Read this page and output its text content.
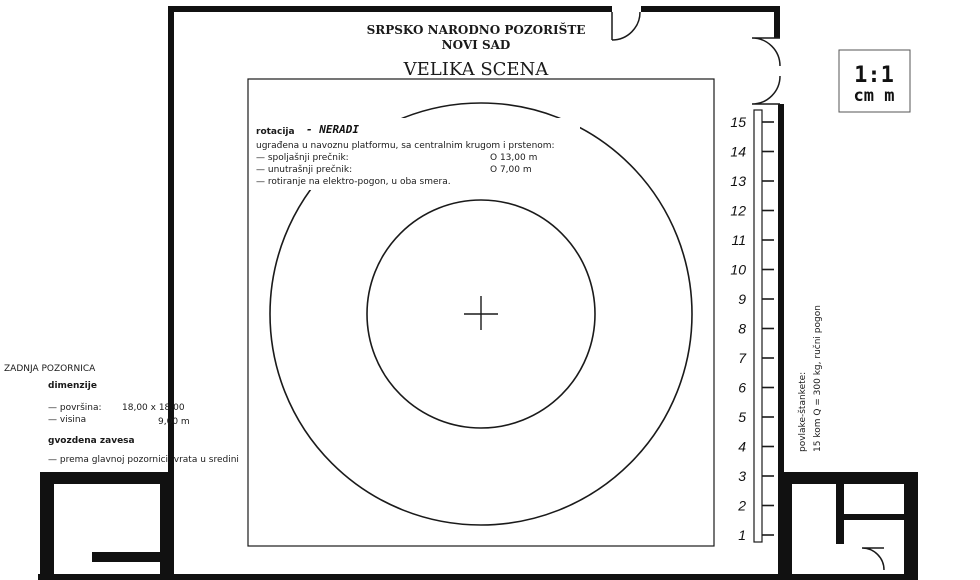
SRPSKO NARODNO POZORIŠTE
NOVI SAD
VELIKA SCENA	1:1
cm m
rotacija - NERADI
ugrađena u navoznu platformu, sa centralnim krugom i prstenom:
— spoljašnji prečnik:	O 13,00 m
— unutrašnji prečnik:	O 7,00 m
— rotiranje na elektro-pogon, u oba smera.
ZADNJA POZORNICA
dimenzije
— površina: 18,00 x 18,00
— visina	9,00 m
gvozdena zavesa
— prema glavnoj pozornici, vrata u sredini
povlake-štankete: 15 kom Q = 300 kg, ručni pogon
15
14
13
12
11
10
9
8
7
6
5
4
3
2
1
